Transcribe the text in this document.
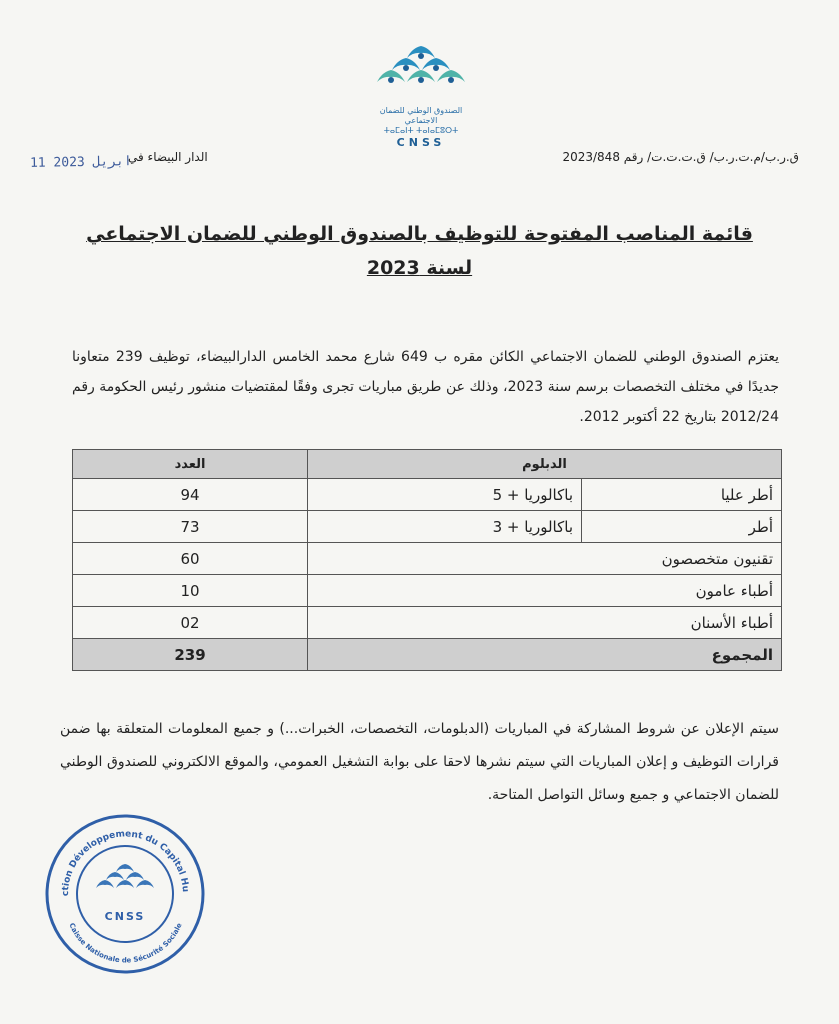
الصندوق الوطني للضمان الاجتماعي
ⵜⴰⵎⴰⵏⵜ ⵜⴰⵏⴰⵎⵓⵔⵜ
CNSS
ق.ر.ب/م.ت.ر.ب/ ق.ت.ت.ت/ رقم 2023/848
الدار البيضاء في
11 ابريل 2023
قائمة المناصب المفتوحة للتوظيف بالصندوق الوطني للضمان الاجتماعي
لسنة 2023
يعتزم الصندوق الوطني للضمان الاجتماعي الكائن مقره ب 649 شارع محمد الخامس الدارالبيضاء، توظيف 239 متعاونا جديدًا في مختلف التخصصات برسم سنة 2023، وذلك عن طريق مباريات تجرى وفقًا لمقتضيات منشور رئيس الحكومة رقم 2012/24 بتاريخ 22 أكتوبر 2012.
الدبلوم		العدد
أطر عليا	باكالوريا + 5	94
أطر	باكالوريا + 3	73
تقنيون متخصصون		60
أطباء عامون		10
أطباء الأسنان		02
المجموع		239
سيتم الإعلان عن شروط المشاركة في المباريات (الدبلومات، التخصصات، الخبرات...) و جميع المعلومات المتعلقة بها ضمن قرارات التوظيف و إعلان المباريات التي سيتم نشرها لاحقا على بوابة التشغيل العمومي، والموقع الالكتروني للصندوق الوطني للضمان الاجتماعي و جميع وسائل التواصل المتاحة.
ction Développement du Capital Hu
Caisse Nationale de Sécurité Sociale
CNSS
